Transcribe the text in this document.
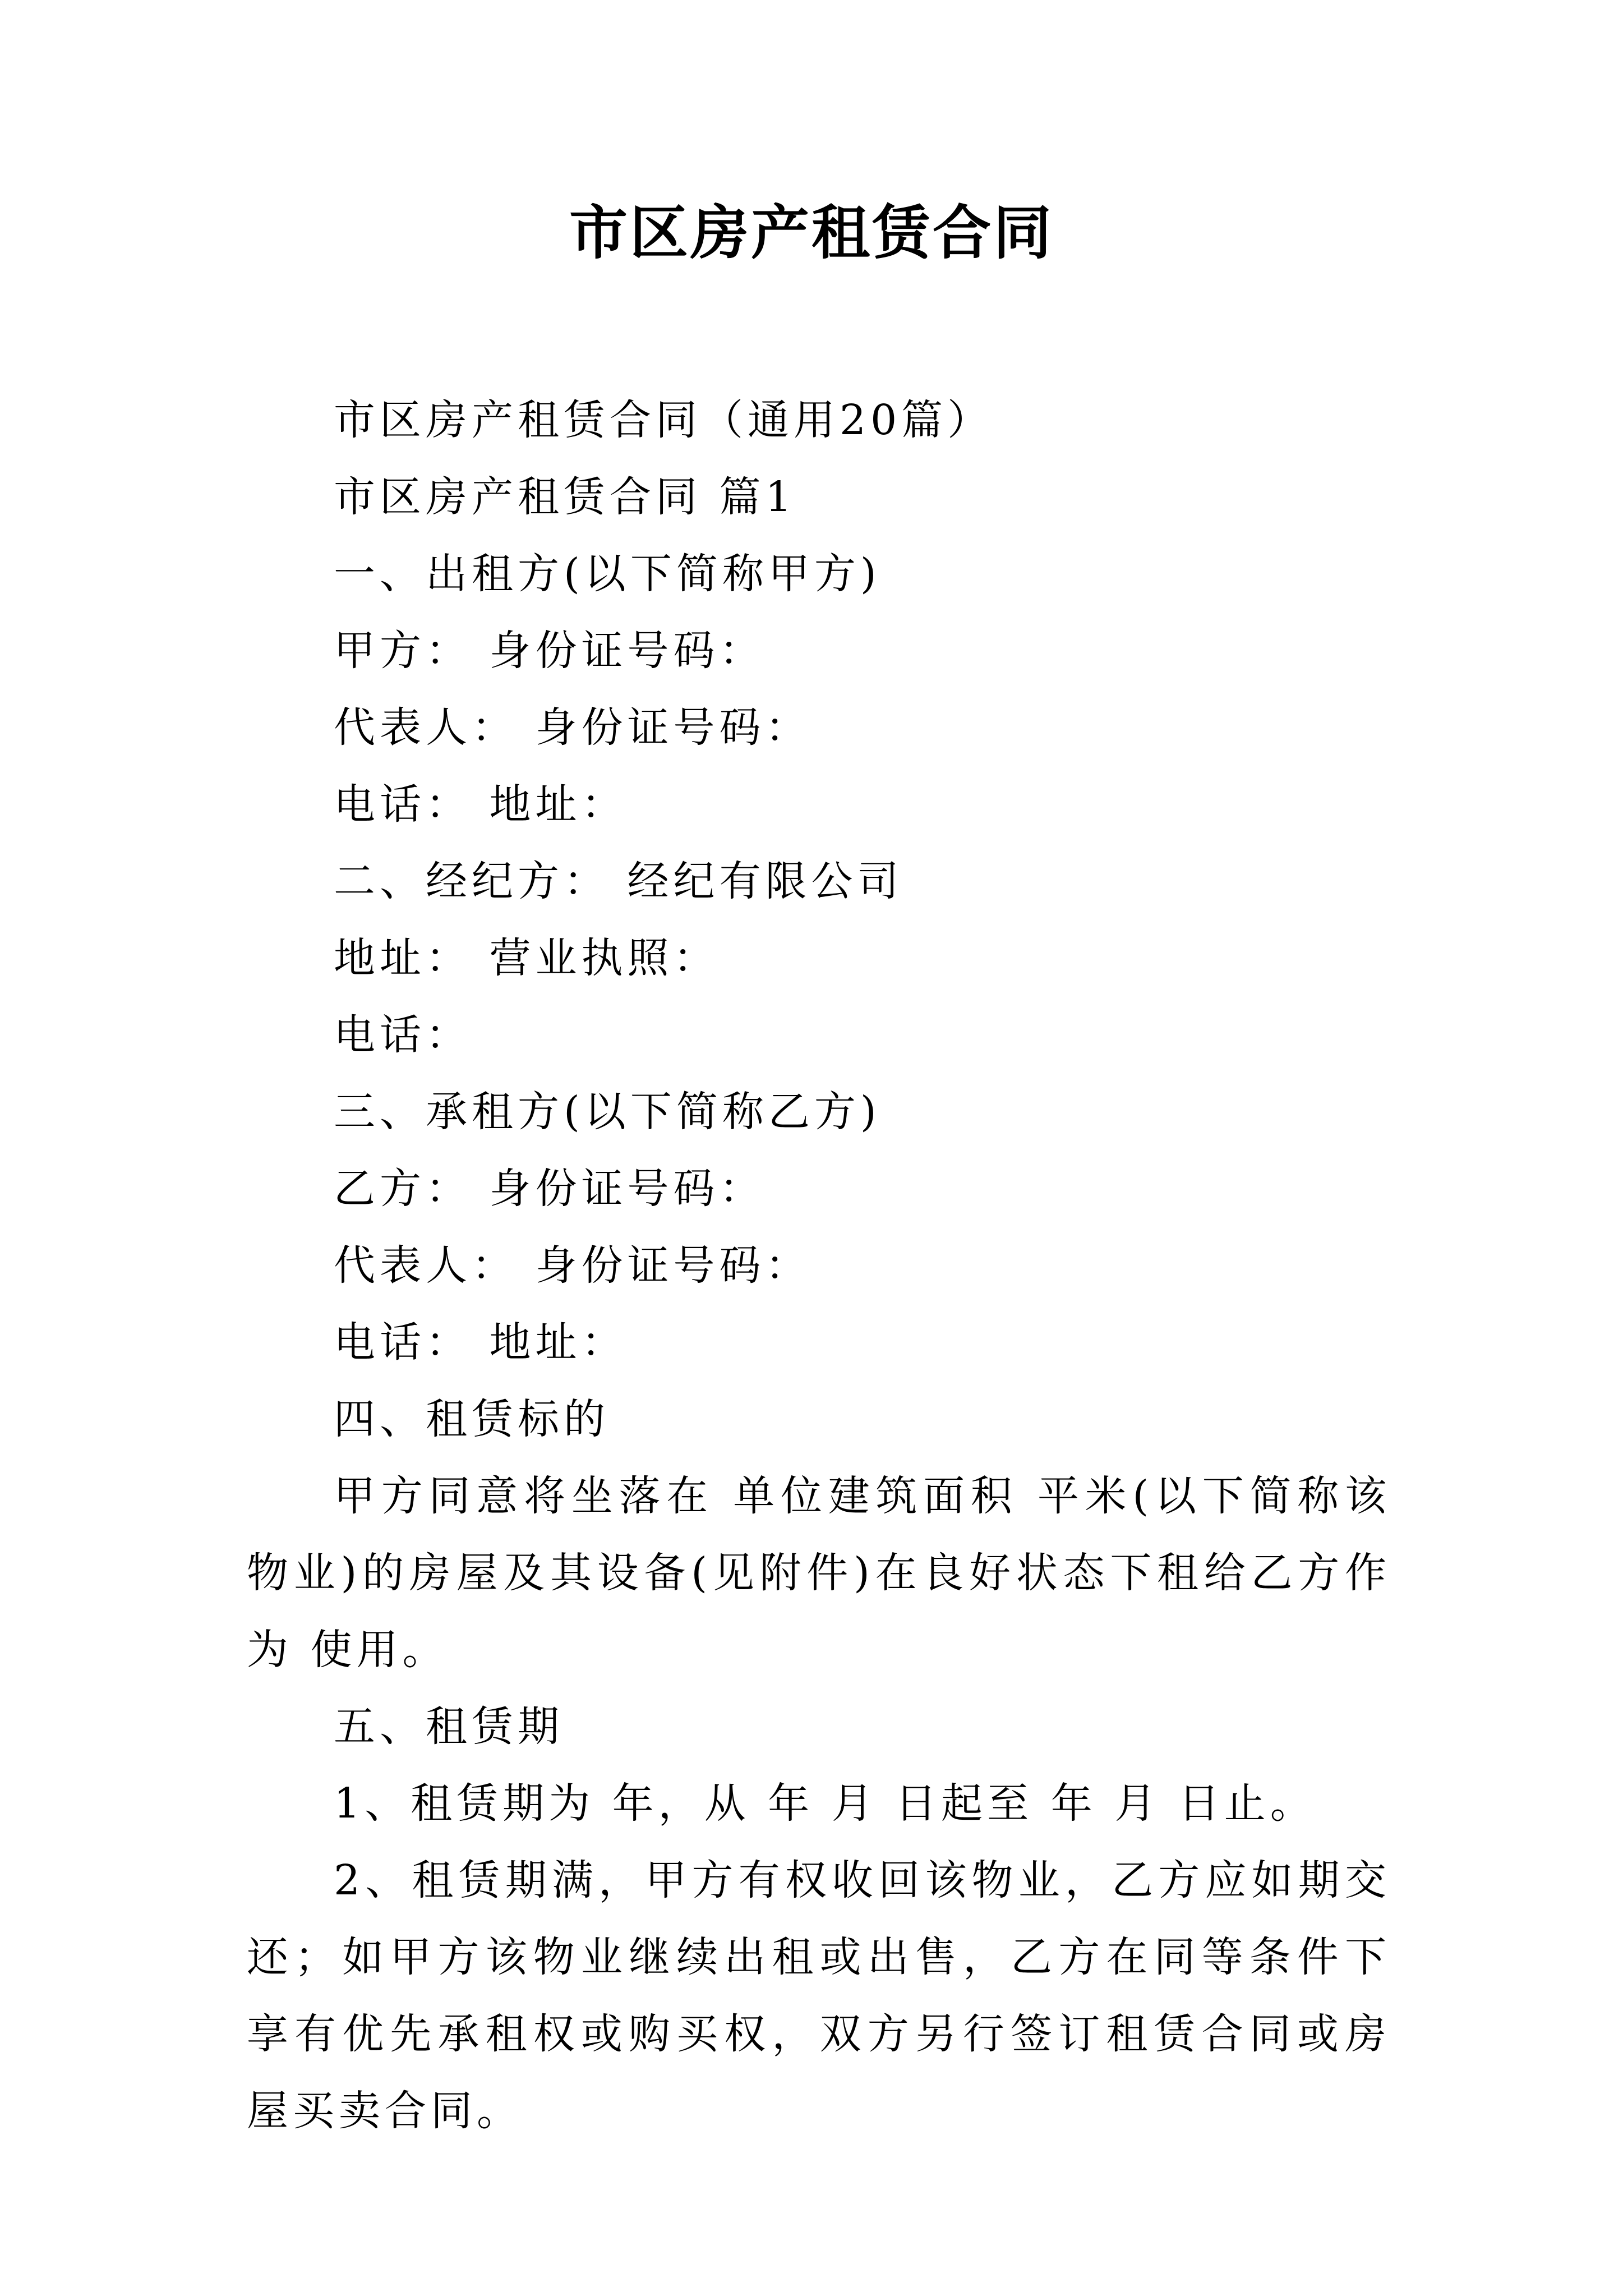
市区房产租赁合同

市区房产租赁合同（通用20篇）

市区房产租赁合同 篇1

一、出租方(以下简称甲方)

甲方： 身份证号码：

代表人： 身份证号码：

电话： 地址：

二、经纪方： 经纪有限公司

地址： 营业执照：

电话：

三、承租方(以下简称乙方)

乙方： 身份证号码：

代表人： 身份证号码：

电话： 地址：

四、租赁标的

甲方同意将坐落在 单位建筑面积 平米(以下简称该物业)的房屋及其设备(见附件)在良好状态下租给乙方作为 使用。

五、租赁期

1、租赁期为 年，从 年 月 日起至 年 月 日止。

2、租赁期满，甲方有权收回该物业，乙方应如期交还；如甲方该物业继续出租或出售，乙方在同等条件下享有优先承租权或购买权，双方另行签订租赁合同或房屋买卖合同。
